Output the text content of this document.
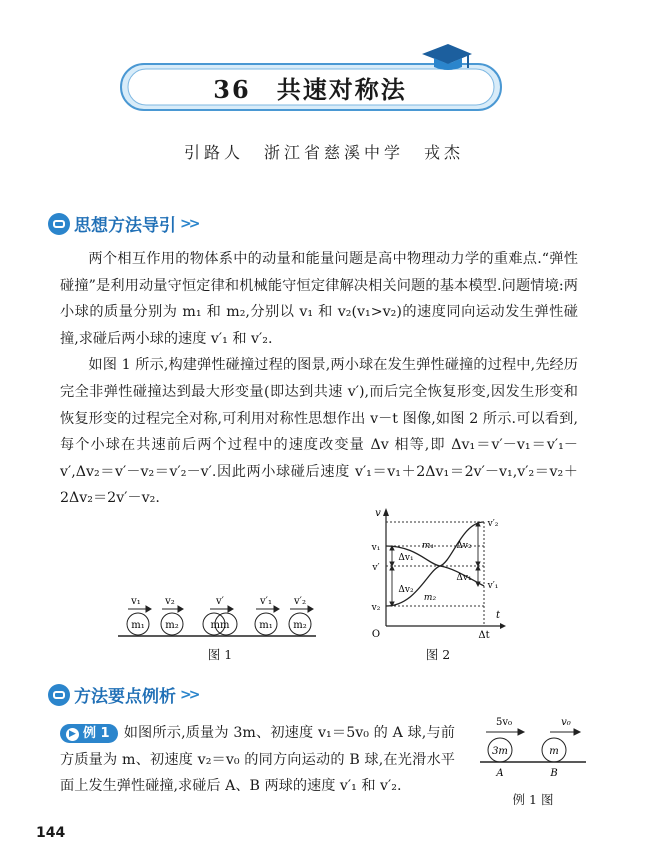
36　共速对称法
引路人　浙江省慈溪中学　戎杰
思想方法导引 >>

两个相互作用的物体系中的动量和能量问题是高中物理动力学的重难点.“弹性碰撞”是利用动量守恒定律和机械能守恒定律解决相关问题的基本模型.问题情境:两小球的质量分别为 m₁ 和 m₂,分别以 v₁ 和 v₂(v₁>v₂)的速度同向运动发生弹性碰撞,求碰后两小球的速度 v′₁ 和 v′₂.

如图 1 所示,构建弹性碰撞过程的图景,两小球在发生弹性碰撞的过程中,先经历完全非弹性碰撞达到最大形变量(即达到共速 v′),而后完全恢复形变,因发生形变和恢复形变的过程完全对称,可利用对称性思想作出 v－t 图像,如图 2 所示.可以看到,每个小球在共速前后两个过程中的速度改变量 Δv 相等,即 Δv₁＝v′－v₁＝v′₁－v′,Δv₂＝v′－v₂＝v′₂－v′.因此两小球碰后速度 v′₁＝v₁＋2Δv₁＝2v′－v₁,v′₂＝v₂＋2Δv₂＝2v′－v₂.

m₁ m₂	mm	m₁ m₂
v₁ v₂	v′	v′₁ v′₂
图 1
v
t
O	Δt
v₁
v′
v₂
v′₂
v′₁
Δv₁
Δv₂
Δv₂
Δv₁
m₁
m₂
图 2
方法要点例析 >>

▶ 例 1 如图所示,质量为 3m、初速度 v₁＝5v₀ 的 A 球,与前方质量为 m、初速度 v₂＝v₀ 的同方向运动的 B 球,在光滑水平面上发生弹性碰撞,求碰后 A、B 两球的速度 v′₁ 和 v′₂.

3m	m
5v₀	v₀
A	B
例 1 图
144
